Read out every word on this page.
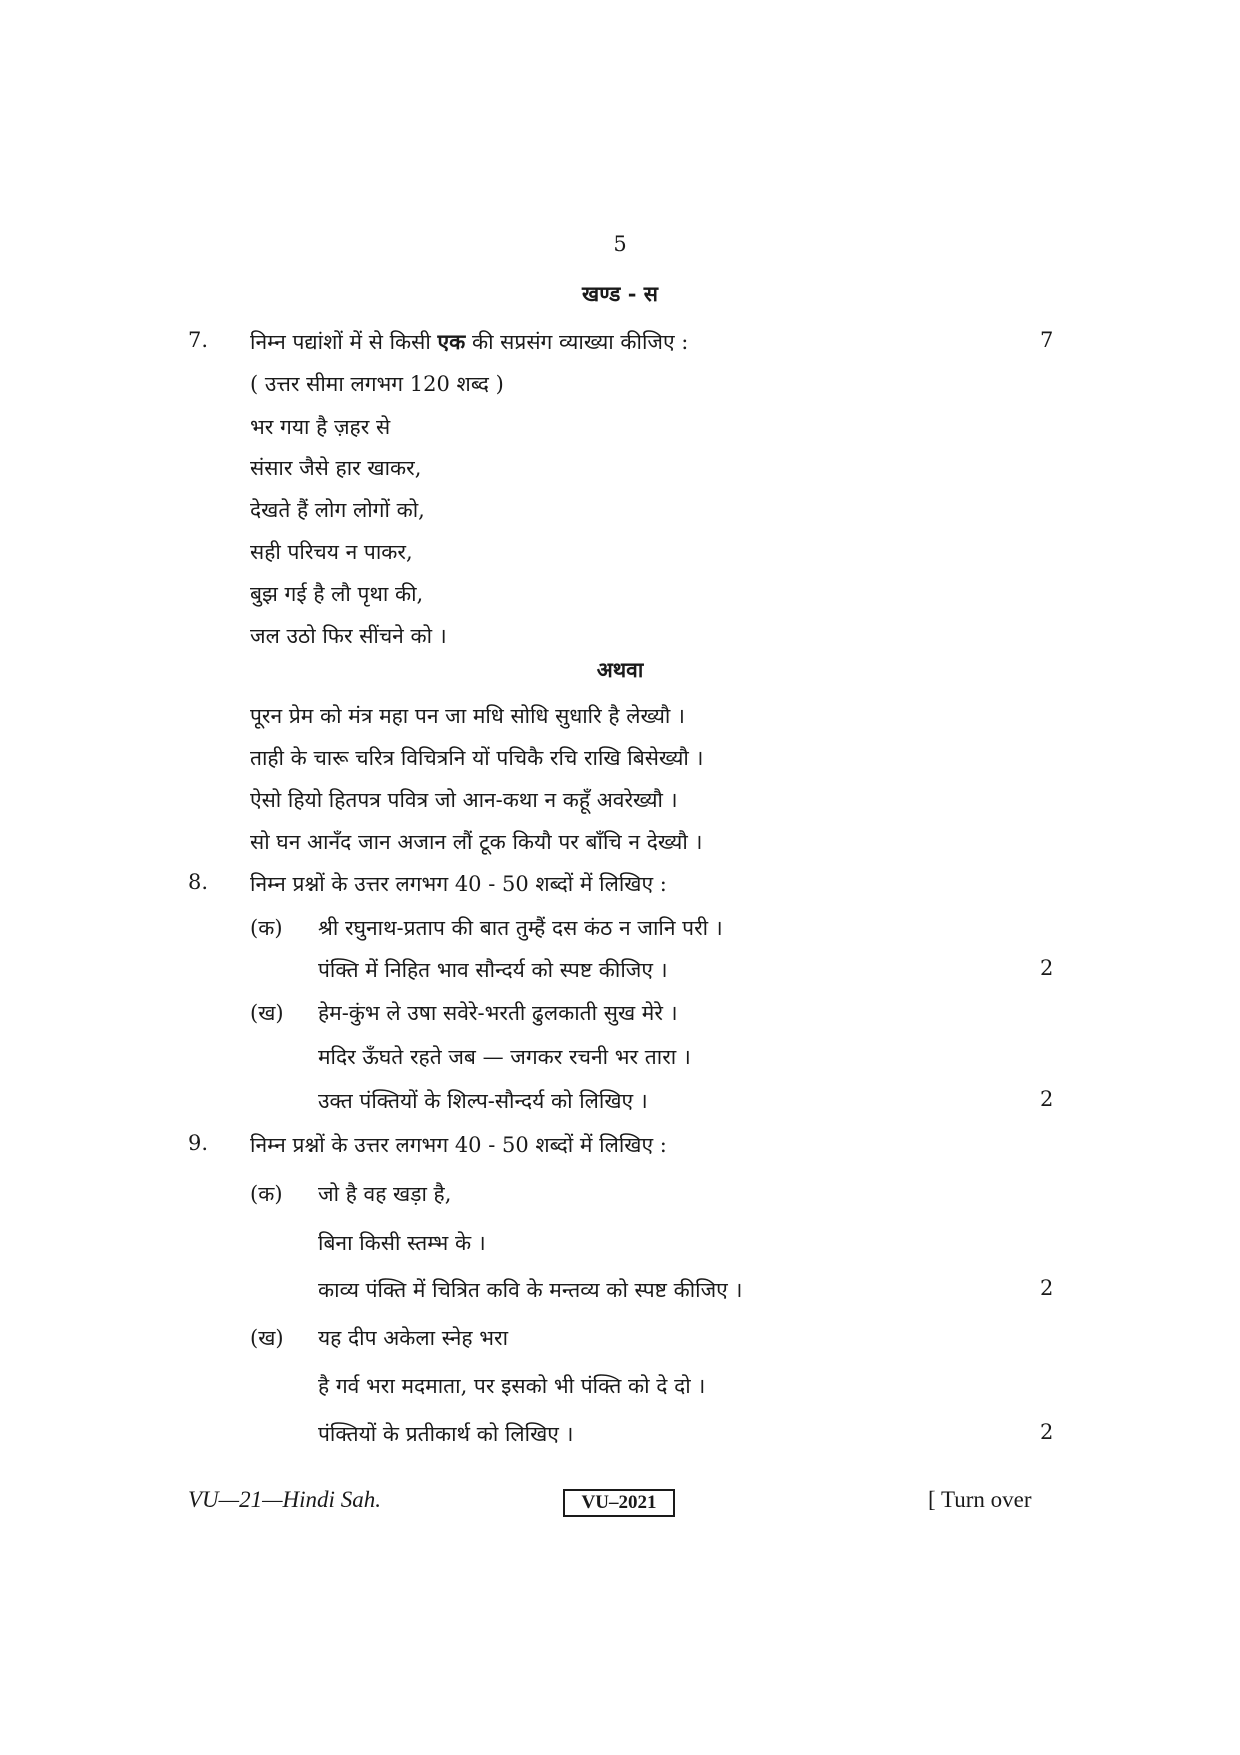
5
खण्ड - स
7. निम्न पद्यांशों में से किसी एक की सप्रसंग व्याख्या कीजिए :	7
( उत्तर सीमा लगभग 120 शब्द )
भर गया है ज़हर से
संसार जैसे हार खाकर,
देखते हैं लोग लोगों को,
सही परिचय न पाकर,
बुझ गई है लौ पृथा की,
जल उठो फिर सींचने को ।
अथवा
पूरन प्रेम को मंत्र महा पन जा मधि सोधि सुधारि है लेख्यौ ।
ताही के चारू चरित्र विचित्रनि यों पचिकै रचि राखि बिसेख्यौ ।
ऐसो हियो हितपत्र पवित्र जो आन-कथा न कहूँ अवरेख्यौ ।
सो घन आनँद जान अजान लौं टूक कियौ पर बाँचि न देख्यौ ।
8. निम्न प्रश्नों के उत्तर लगभग 40 - 50 शब्दों में लिखिए :
(क) श्री रघुनाथ-प्रताप की बात तुम्हैं दस कंठ न जानि परी ।
पंक्ति में निहित भाव सौन्दर्य को स्पष्ट कीजिए ।	2
(ख) हेम-कुंभ ले उषा सवेरे-भरती ढुलकाती सुख मेरे ।
मदिर ऊँघते रहते जब — जगकर रचनी भर तारा ।
उक्त पंक्तियों के शिल्प-सौन्दर्य को लिखिए ।	2
9. निम्न प्रश्नों के उत्तर लगभग 40 - 50 शब्दों में लिखिए :
(क) जो है वह खड़ा है,
बिना किसी स्तम्भ के ।
काव्य पंक्ति में चित्रित कवि के मन्तव्य को स्पष्ट कीजिए ।	2
(ख) यह दीप अकेला स्नेह भरा
है गर्व भरा मदमाता, पर इसको भी पंक्ति को दे दो ।
पंक्तियों के प्रतीकार्थ को लिखिए ।	2
VU—21—Hindi Sah.	VU–2021	[ Turn over
